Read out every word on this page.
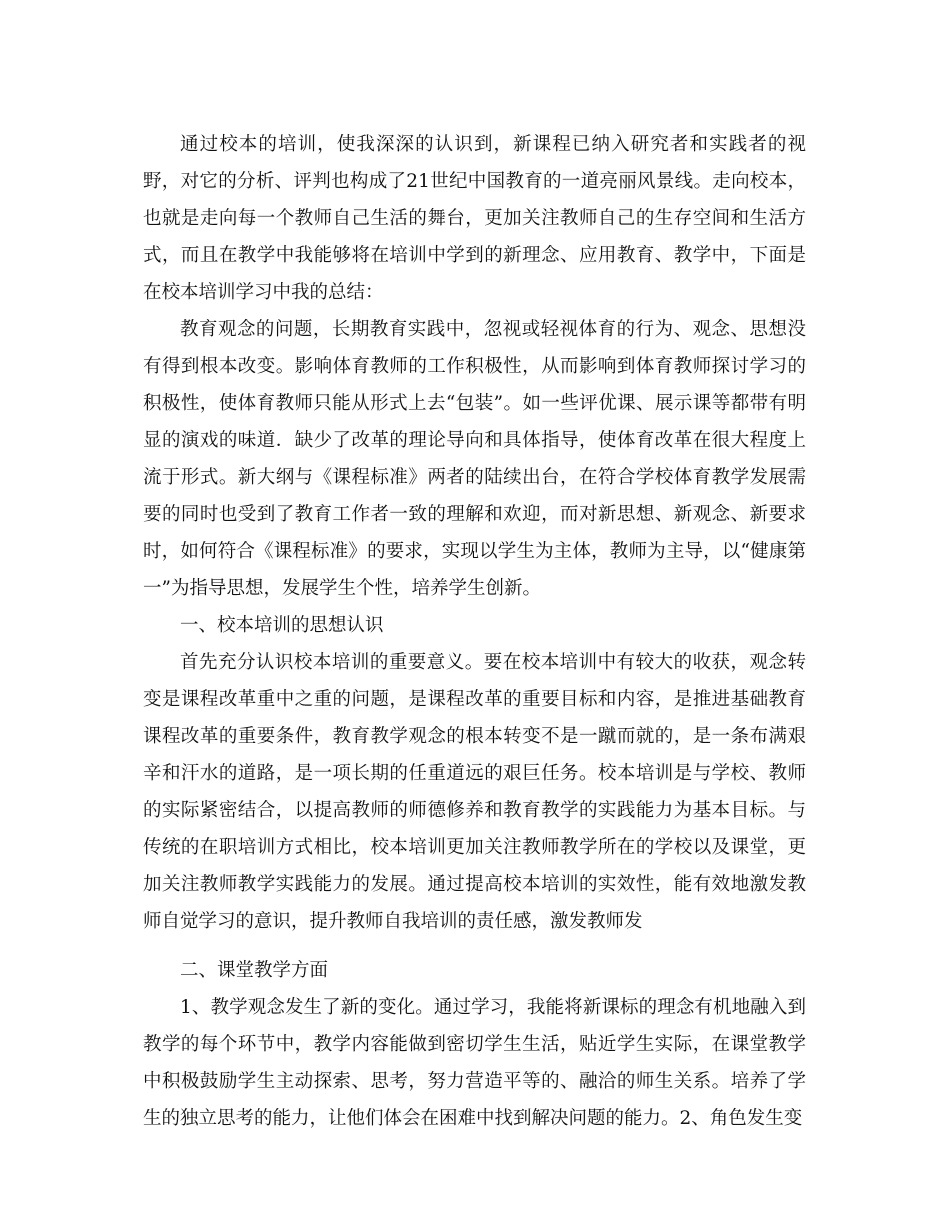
通过校本的培训，使我深深的认识到，新课程已纳入研究者和实践者的视野，对它的分析、评判也构成了21世纪中国教育的一道亮丽风景线。走向校本，也就是走向每一个教师自己生活的舞台，更加关注教师自己的生存空间和生活方式，而且在教学中我能够将在培训中学到的新理念、应用教育、教学中，下面是在校本培训学习中我的总结：

教育观念的问题，长期教育实践中，忽视或轻视体育的行为、观念、思想没有得到根本改变。影响体育教师的工作积极性，从而影响到体育教师探讨学习的积极性，使体育教师只能从形式上去“包装”。如一些评优课、展示课等都带有明显的演戏的味道．缺少了改革的理论导向和具体指导，使体育改革在很大程度上流于形式。新大纲与《课程标准》两者的陆续出台，在符合学校体育教学发展需要的同时也受到了教育工作者一致的理解和欢迎，而对新思想、新观念、新要求时，如何符合《课程标准》的要求，实现以学生为主体，教师为主导，以“健康第一”为指导思想，发展学生个性，培养学生创新。

一、校本培训的思想认识

首先充分认识校本培训的重要意义。要在校本培训中有较大的收获，观念转变是课程改革重中之重的问题，是课程改革的重要目标和内容，是推进基础教育课程改革的重要条件，教育教学观念的根本转变不是一蹴而就的，是一条布满艰辛和汗水的道路，是一项长期的任重道远的艰巨任务。校本培训是与学校、教师的实际紧密结合，以提高教师的师德修养和教育教学的实践能力为基本目标。与传统的在职培训方式相比，校本培训更加关注教师教学所在的学校以及课堂，更加关注教师教学实践能力的发展。通过提高校本培训的实效性，能有效地激发教师自觉学习的意识，提升教师自我培训的责任感，激发教师发

二、课堂教学方面

1、教学观念发生了新的变化。通过学习，我能将新课标的理念有机地融入到教学的每个环节中，教学内容能做到密切学生生活，贴近学生实际，在课堂教学中积极鼓励学生主动探索、思考，努力营造平等的、融洽的师生关系。培养了学生的独立思考的能力，让他们体会在困难中找到解决问题的能力。2、角色发生变
